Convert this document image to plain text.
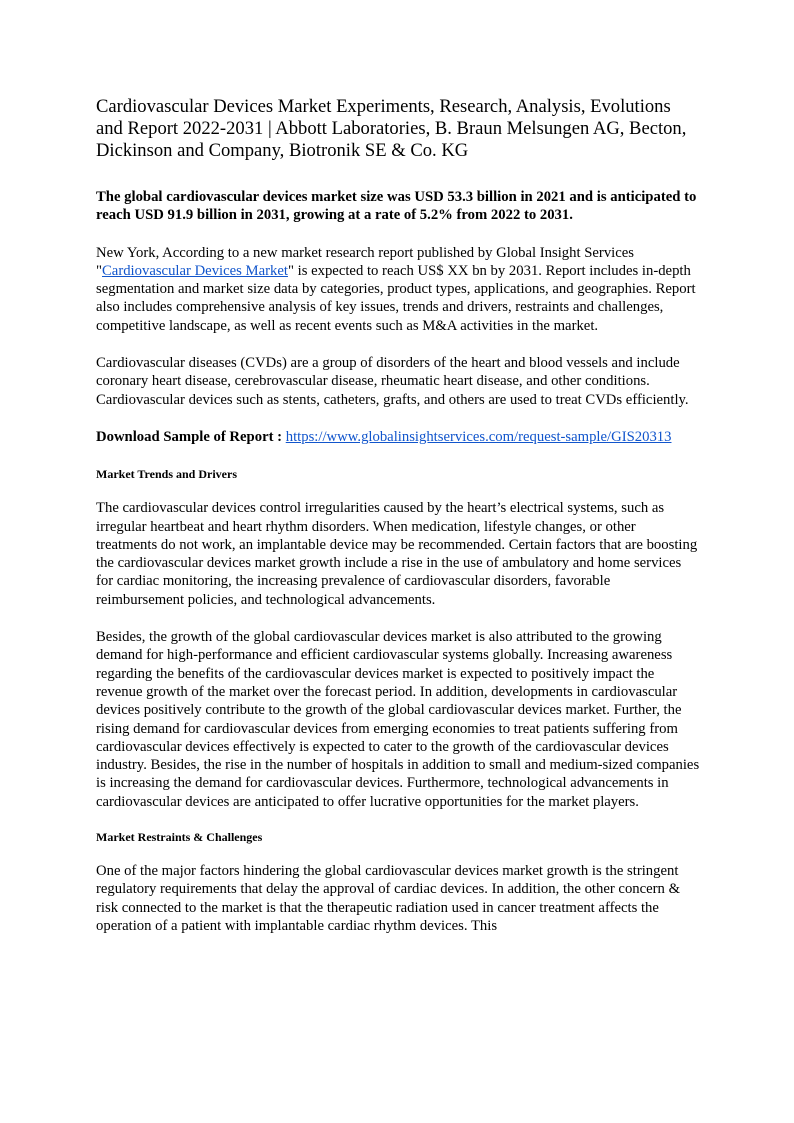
Cardiovascular Devices Market Experiments, Research, Analysis, Evolutions and Report 2022-2031 | Abbott Laboratories, B. Braun Melsungen AG, Becton, Dickinson and Company, Biotronik SE & Co. KG

The global cardiovascular devices market size was USD 53.3 billion in 2021 and is anticipated to reach USD 91.9 billion in 2031, growing at a rate of 5.2% from 2022 to 2031.

New York, According to a new market research report published by Global Insight Services "Cardiovascular Devices Market" is expected to reach US$ XX bn by 2031. Report includes in-depth segmentation and market size data by categories, product types, applications, and geographies. Report also includes comprehensive analysis of key issues, trends and drivers, restraints and challenges, competitive landscape, as well as recent events such as M&A activities in the market.

Cardiovascular diseases (CVDs) are a group of disorders of the heart and blood vessels and include coronary heart disease, cerebrovascular disease, rheumatic heart disease, and other conditions. Cardiovascular devices such as stents, catheters, grafts, and others are used to treat CVDs efficiently.

Download Sample of Report : https://www.globalinsightservices.com/request-sample/GIS20313

Market Trends and Drivers

The cardiovascular devices control irregularities caused by the heart’s electrical systems, such as irregular heartbeat and heart rhythm disorders. When medication, lifestyle changes, or other treatments do not work, an implantable device may be recommended. Certain factors that are boosting the cardiovascular devices market growth include a rise in the use of ambulatory and home services for cardiac monitoring, the increasing prevalence of cardiovascular disorders, favorable reimbursement policies, and technological advancements.

Besides, the growth of the global cardiovascular devices market is also attributed to the growing demand for high-performance and efficient cardiovascular systems globally. Increasing awareness regarding the benefits of the cardiovascular devices market is expected to positively impact the revenue growth of the market over the forecast period. In addition, developments in cardiovascular devices positively contribute to the growth of the global cardiovascular devices market. Further, the rising demand for cardiovascular devices from emerging economies to treat patients suffering from cardiovascular devices effectively is expected to cater to the growth of the cardiovascular devices industry. Besides, the rise in the number of hospitals in addition to small and medium-sized companies is increasing the demand for cardiovascular devices. Furthermore, technological advancements in cardiovascular devices are anticipated to offer lucrative opportunities for the market players.

Market Restraints & Challenges

One of the major factors hindering the global cardiovascular devices market growth is the stringent regulatory requirements that delay the approval of cardiac devices. In addition, the other concern & risk connected to the market is that the therapeutic radiation used in cancer treatment affects the operation of a patient with implantable cardiac rhythm devices. This
